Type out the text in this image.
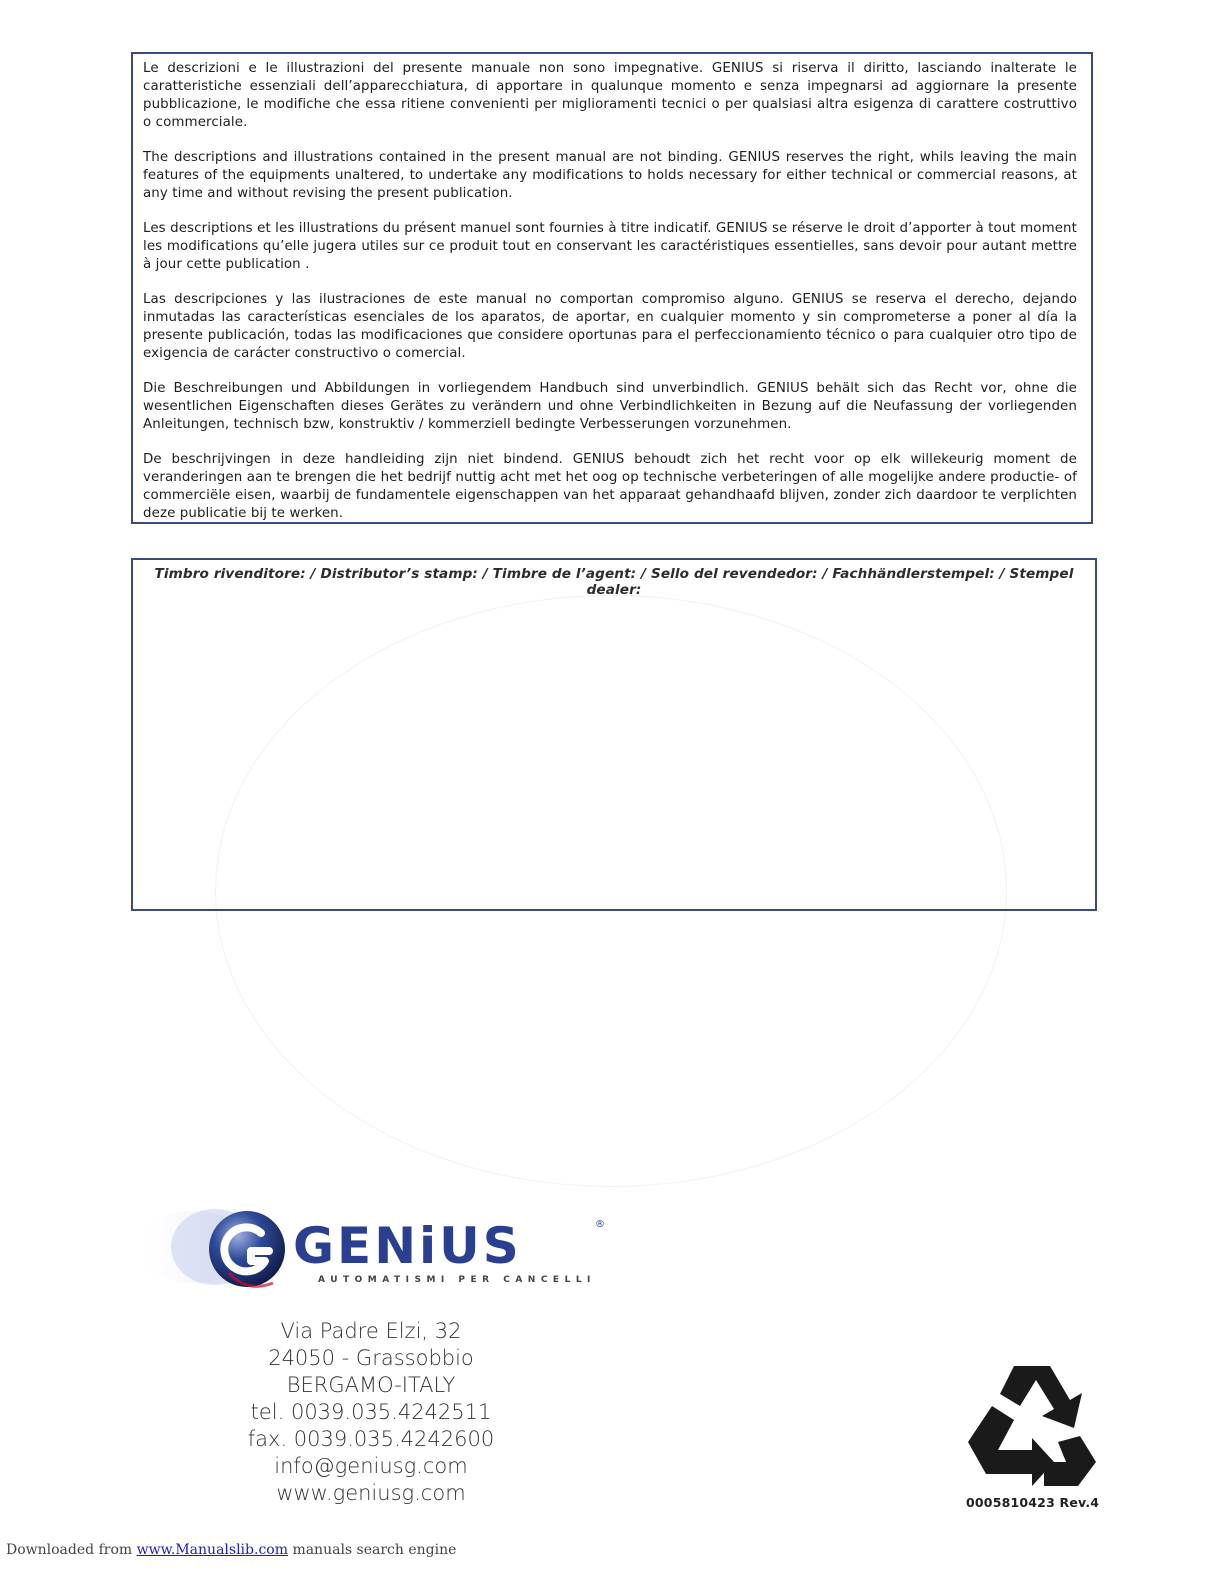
Le descrizioni e le illustrazioni del presente manuale non sono impegnative. GENIUS si riserva il diritto, lasciando inalterate le caratteristiche essenziali dell’apparecchiatura, di apportare in qualunque momento e senza impegnarsi ad aggiornare la presente pubblicazione, le modifiche che essa ritiene convenienti per miglioramenti tecnici o per qualsiasi altra esigenza di carattere costruttivo o commerciale.

The descriptions and illustrations contained in the present manual are not binding. GENIUS reserves the right, whils leaving the main features of the equipments unaltered, to undertake any modifications to holds necessary for either technical or commercial reasons, at any time and without revising the present publication.

Les descriptions et les illustrations du présent manuel sont fournies à titre indicatif. GENIUS se réserve le droit d’apporter à tout moment les modifications qu’elle jugera utiles sur ce produit tout en conservant les caractéristiques essentielles, sans devoir pour autant mettre à jour cette publication .

Las descripciones y las ilustraciones de este manual no comportan compromiso alguno. GENIUS se reserva el derecho, dejando inmutadas las características esenciales de los aparatos, de aportar, en cualquier momento y sin comprometerse a poner al día la presente publicación, todas las modificaciones que considere oportunas para el perfeccionamiento técnico o para cualquier otro tipo de exigencia de carácter constructivo o comercial.

Die Beschreibungen und Abbildungen in vorliegendem Handbuch sind unverbindlich. GENIUS behält sich das Recht vor, ohne die wesentlichen Eigenschaften dieses Gerätes zu verändern und ohne Verbindlichkeiten in Bezung auf die Neufassung der vorliegenden Anleitungen, technisch bzw, konstruktiv / kommerziell bedingte Verbesserungen vorzunehmen.

De beschrijvingen in deze handleiding zijn niet bindend. GENIUS behoudt zich het recht voor op elk willekeurig moment de veranderingen aan te brengen die het bedrijf nuttig acht met het oog op technische verbeteringen of alle mogelijke andere productie- of commerciële eisen, waarbij de fundamentele eigenschappen van het apparaat gehandhaafd blijven, zonder zich daardoor te verplichten deze publicatie bij te werken.

Timbro rivenditore: / Distributor’s stamp: / Timbre de l’agent: / Sello del revendedor: / Fachhändlerstempel: / Stempel dealer:
GENiUS	®
AUTOMATISMI PER CANCELLI
Via Padre Elzi, 32
24050 - Grassobbio
BERGAMO-ITALY
tel. 0039.035.4242511
fax. 0039.035.4242600
info@geniusg.com
www.geniusg.com	0005810423 Rev.4
Downloaded from www.Manualslib.com manuals search engine
